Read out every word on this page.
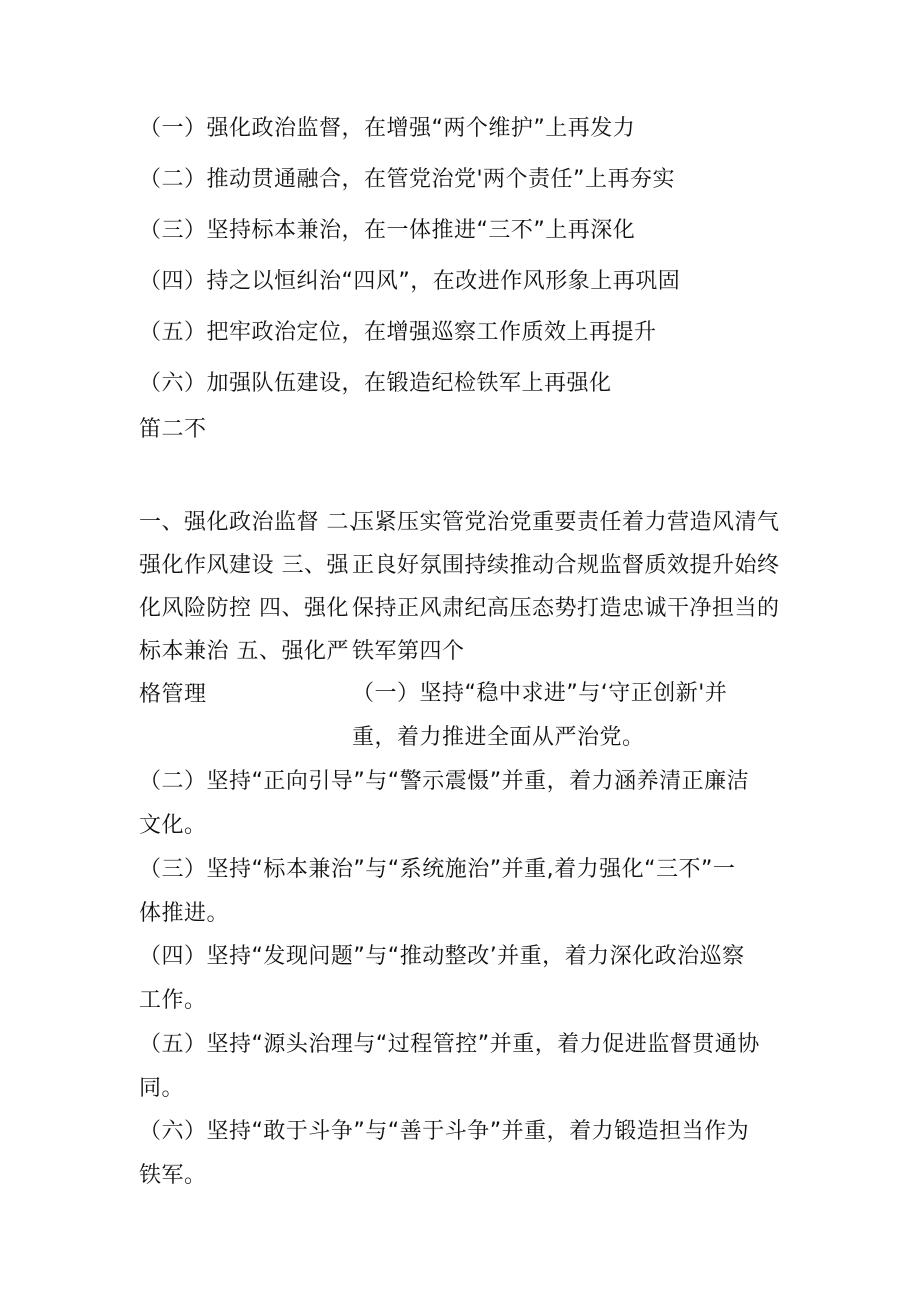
（一）强化政治监督，在增强“两个维护”上再发力
（二）推动贯通融合，在管党治党'两个责任”上再夯实
（三）坚持标本兼治，在一体推进“三不”上再深化
（四）持之以恒纠治“四风”，在改进作风形象上再巩固
（五）把牢政治定位，在增强巡察工作质效上再提升
（六）加强队伍建设，在锻造纪检铁军上再强化
笛二不
一、强化政治监督 二、
强化作风建设 三、强
化风险防控 四、强化
标本兼治 五、强化严
格管理
压紧压实管党治党重要责任着力营造风清气
正良好氛围持续推动合规监督质效提升始终
保持正风肃纪高压态势打造忠诚干净担当的
铁军第四个
（一）坚持“稳中求进”与‘守正创新'并
重，着力推进全面从严治党。
（二）坚持“正向引导”与“警示震慑”并重，着力涵养清正廉洁
文化。
（三）坚持“标本兼治”与“系统施治”并重,着力强化“三不”一
体推进。
（四）坚持“发现问题”与“推动整改’并重，着力深化政治巡察
工作。
（五）坚持“源头治理与“过程管控”并重，着力促进监督贯通协
同。
（六）坚持“敢于斗争”与“善于斗争”并重，着力锻造担当作为
铁军。
